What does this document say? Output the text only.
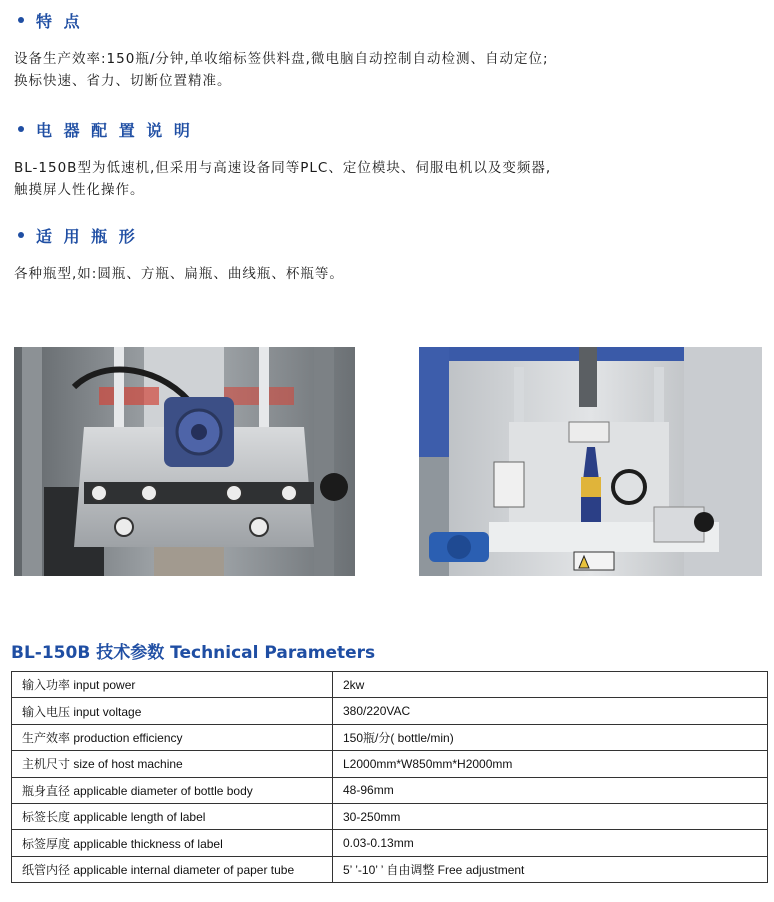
特 点

设备生产效率:150瓶/分钟,单收缩标签供料盘,微电脑自动控制自动检测、自动定位;

换标快速、省力、切断位置精准。

电 器 配 置 说 明

BL-150B型为低速机,但采用与高速设备同等PLC、定位模块、伺服电机以及变频器,

触摸屏人性化操作。

适 用 瓶 形

各种瓶型,如:圆瓶、方瓶、扁瓶、曲线瓶、杯瓶等。

BL-150B 技术参数 Technical Parameters
输入功率 input power	2kw
输入电压 input voltage	380/220VAC
生产效率 production efficiency	150瓶/分( bottle/min)
主机尺寸 size of host machine	L2000mm*W850mm*H2000mm
瓶身直径 applicable diameter of bottle body	48-96mm
标签长度 applicable length of label	30-250mm
标签厚度 applicable thickness of label	0.03-0.13mm
纸管内径 applicable internal diameter of paper tube	5’ ’-10’ ’ 自由调整 Free adjustment
